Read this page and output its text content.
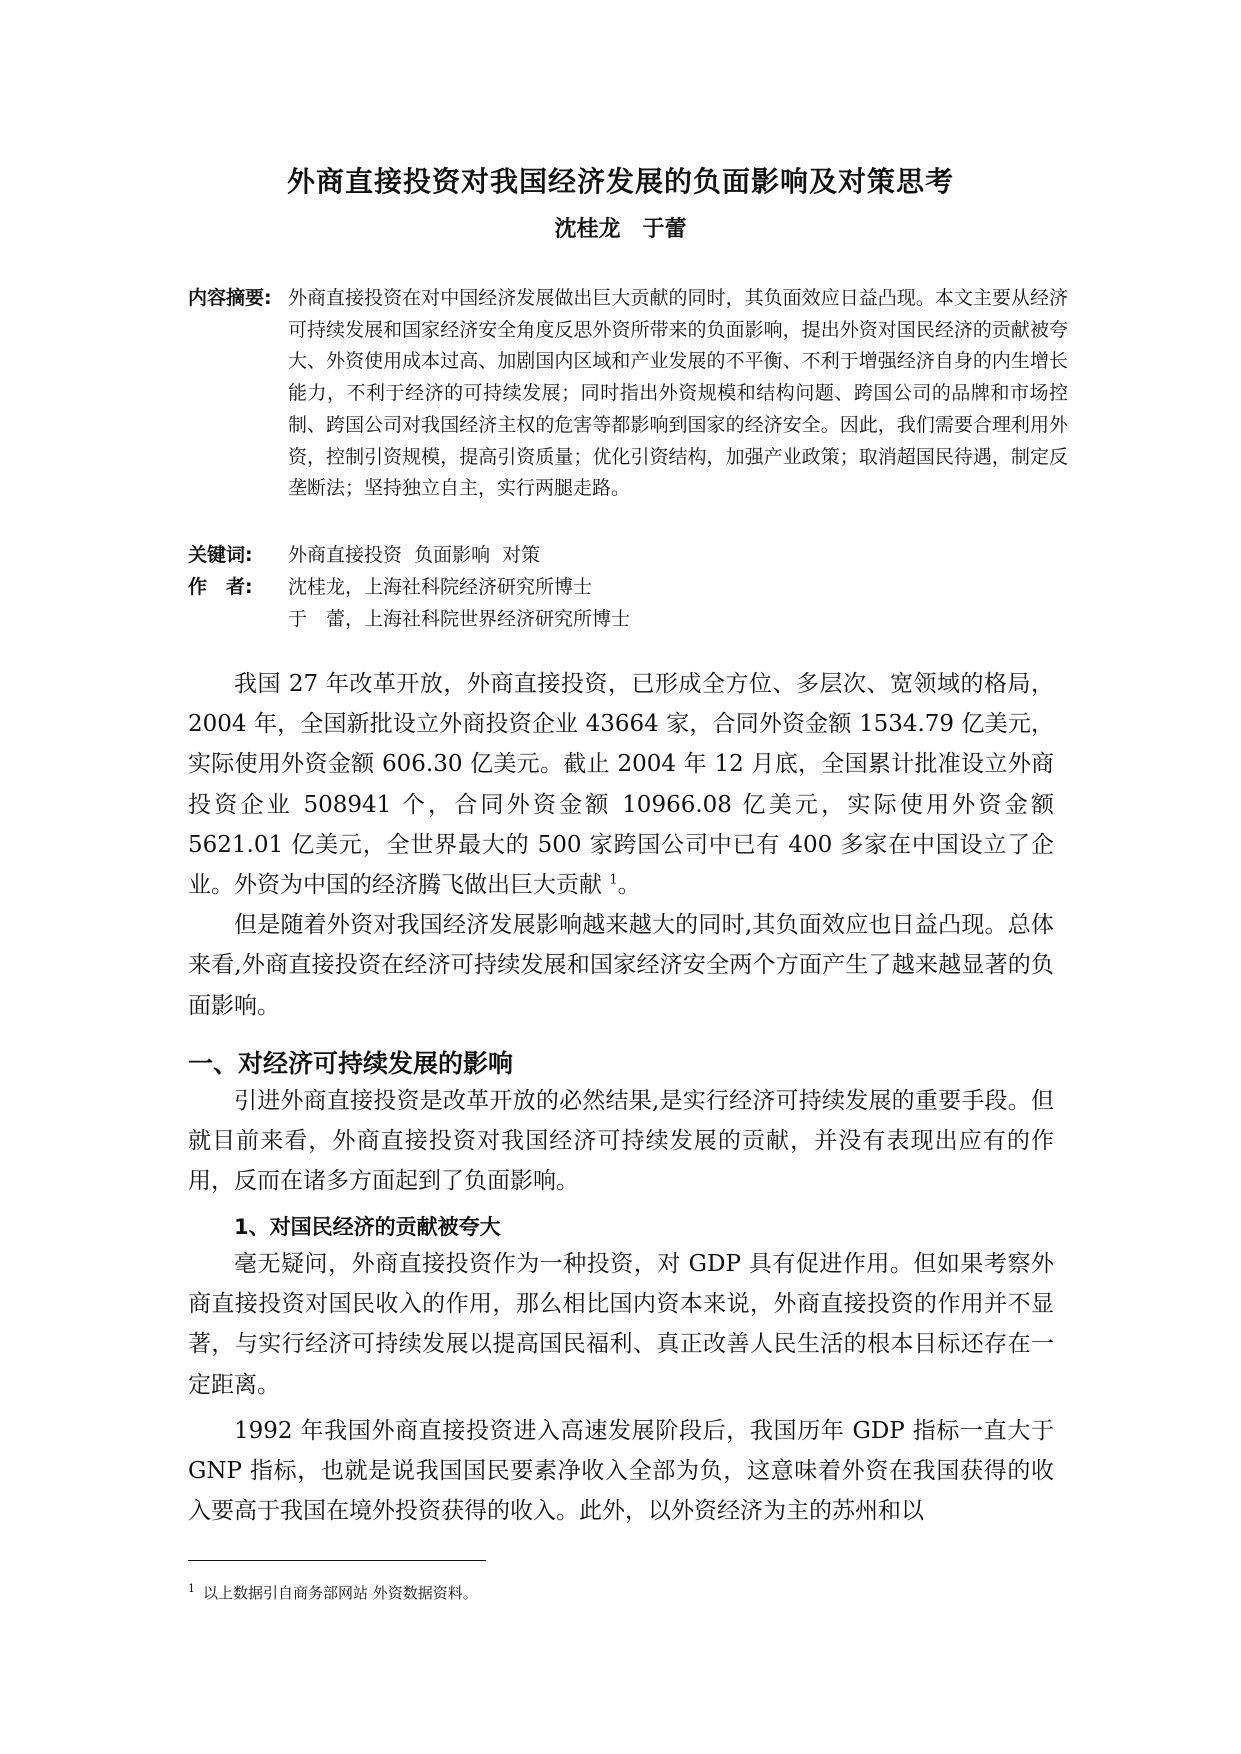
外商直接投资对我国经济发展的负面影响及对策思考
沈桂龙　于蕾
内容摘要: 外商直接投资在对中国经济发展做出巨大贡献的同时，其负面效应日益凸现。本文主要从经济可持续发展和国家经济安全角度反思外资所带来的负面影响，提出外资对国民经济的贡献被夸大、外资使用成本过高、加剧国内区域和产业发展的不平衡、不利于增强经济自身的内生增长能力，不利于经济的可持续发展；同时指出外资规模和结构问题、跨国公司的品牌和市场控制、跨国公司对我国经济主权的危害等都影响到国家的经济安全。因此，我们需要合理利用外资，控制引资规模，提高引资质量；优化引资结构，加强产业政策；取消超国民待遇，制定反垄断法；坚持独立自主，实行两腿走路。
关键词: 外商直接投资  负面影响  对策
作　者: 沈桂龙，上海社科院经济研究所博士
于　蕾，上海社科院世界经济研究所博士

我国 27 年改革开放，外商直接投资，已形成全方位、多层次、宽领域的格局，2004 年，全国新批设立外商投资企业 43664 家，合同外资金额 1534.79 亿美元，实际使用外资金额 606.30 亿美元。截止 2004 年 12 月底，全国累计批准设立外商投资企业 508941 个，合同外资金额 10966.08 亿美元，实际使用外资金额 5621.01 亿美元，全世界最大的 500 家跨国公司中已有 400 多家在中国设立了企业。外资为中国的经济腾飞做出巨大贡献 $^1$。

但是随着外资对我国经济发展影响越来越大的同时,其负面效应也日益凸现。总体来看,外商直接投资在经济可持续发展和国家经济安全两个方面产生了越来越显著的负面影响。

一、对经济可持续发展的影响

引进外商直接投资是改革开放的必然结果,是实行经济可持续发展的重要手段。但就目前来看，外商直接投资对我国经济可持续发展的贡献，并没有表现出应有的作用，反而在诸多方面起到了负面影响。

1、对国民经济的贡献被夸大

毫无疑问，外商直接投资作为一种投资，对 GDP 具有促进作用。但如果考察外商直接投资对国民收入的作用，那么相比国内资本来说，外商直接投资的作用并不显著，与实行经济可持续发展以提高国民福利、真正改善人民生活的根本目标还存在一定距离。

1992 年我国外商直接投资进入高速发展阶段后，我国历年 GDP 指标一直大于 GNP 指标，也就是说我国国民要素净收入全部为负，这意味着外资在我国获得的收入要高于我国在境外投资获得的收入。此外，以外资经济为主的苏州和以

$^1$ 以上数据引自商务部网站 外资数据资料。
